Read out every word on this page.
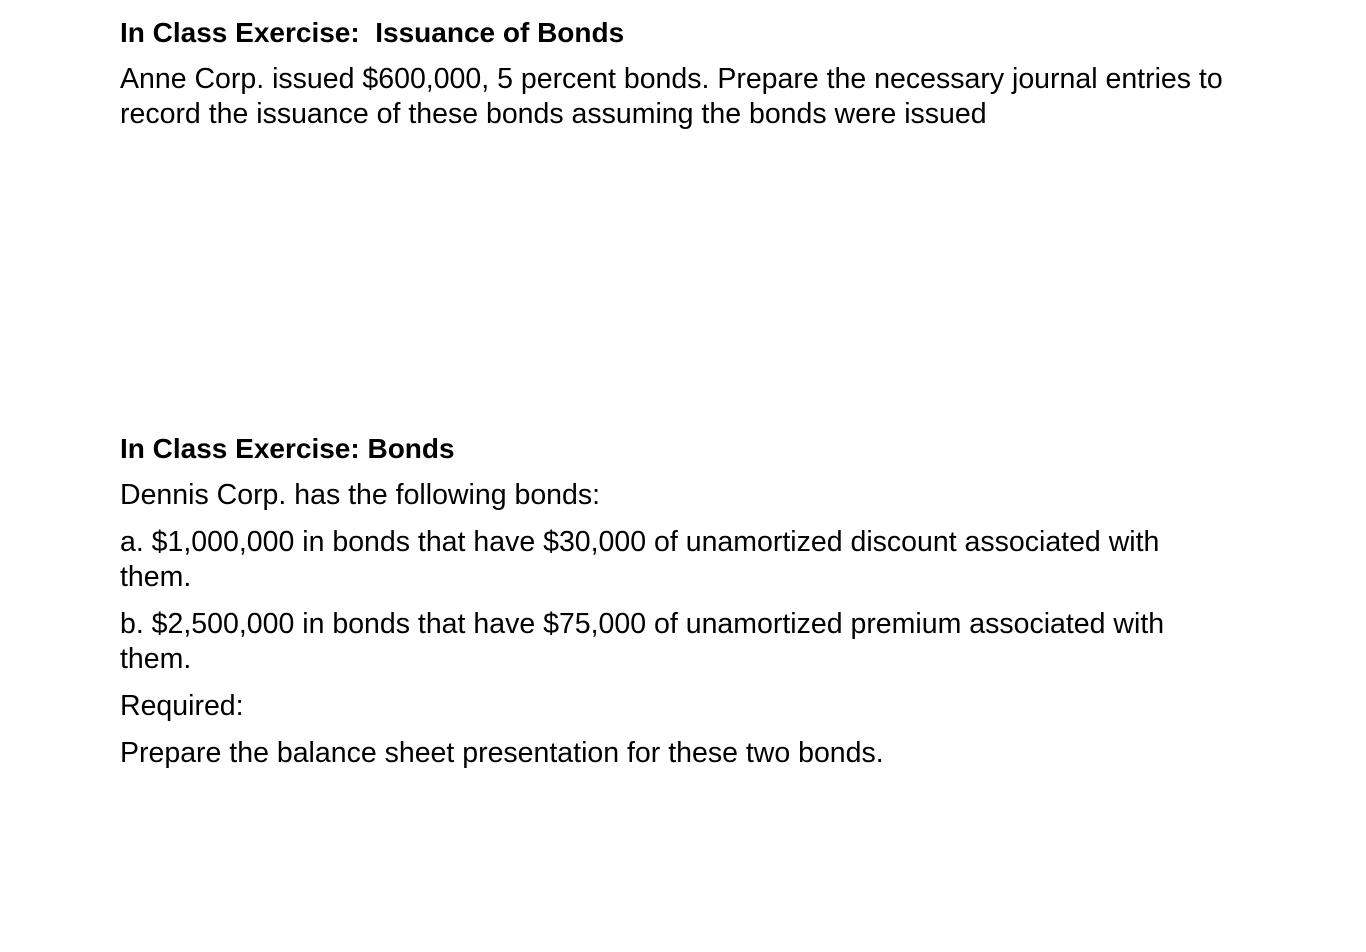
In Class Exercise:  Issuance of Bonds
Anne Corp. issued $600,000, 5 percent bonds. Prepare the necessary journal entries to
record the issuance of these bonds assuming the bonds were issued
In Class Exercise: Bonds
Dennis Corp. has the following bonds:
a. $1,000,000 in bonds that have $30,000 of unamortized discount associated with
them.
b. $2,500,000 in bonds that have $75,000 of unamortized premium associated with
them.
Required:
Prepare the balance sheet presentation for these two bonds.
